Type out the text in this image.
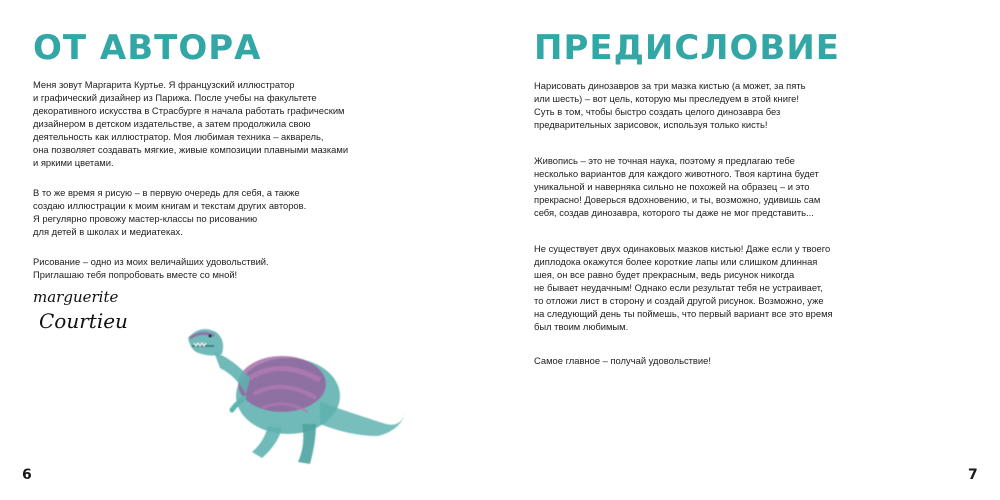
ОТ АВТОРА

Меня зовут Маргарита Куртье. Я французский иллюстратор
и графический дизайнер из Парижа. После учебы на факультете
декоративного искусства в Страсбурге я начала работать графическим
дизайнером в детском издательстве, а затем продолжила свою
деятельность как иллюстратор. Моя любимая техника – акварель,
она позволяет создавать мягкие, живые композиции плавными мазками
и яркими цветами.

В то же время я рисую – в первую очередь для себя, а также
создаю иллюстрации к моим книгам и текстам других авторов.
Я регулярно провожу мастер-классы по рисованию
для детей в школах и медиатеках.

Рисование – одно из моих величайших удовольствий.
Приглашаю тебя попробовать вместе со мной!

marguerite
Courtieu
6
ПРЕДИСЛОВИЕ

Нарисовать динозавров за три мазка кистью (а может, за пять
или шесть) – вот цель, которую мы преследуем в этой книге!
Суть в том, чтобы быстро создать целого динозавра без
предварительных зарисовок, используя только кисть!

Живопись – это не точная наука, поэтому я предлагаю тебе
несколько вариантов для каждого животного. Твоя картина будет
уникальной и наверняка сильно не похожей на образец – и это
прекрасно! Доверься вдохновению, и ты, возможно, удивишь сам
себя, создав динозавра, которого ты даже не мог представить...

Не существует двух одинаковых мазков кистью! Даже если у твоего
диплодока окажутся более короткие лапы или слишком длинная
шея, он все равно будет прекрасным, ведь рисунок никогда
не бывает неудачным! Однако если результат тебя не устраивает,
то отложи лист в сторону и создай другой рисунок. Возможно, уже
на следующий день ты поймешь, что первый вариант все это время
был твоим любимым.

Самое главное – получай удовольствие!

7
